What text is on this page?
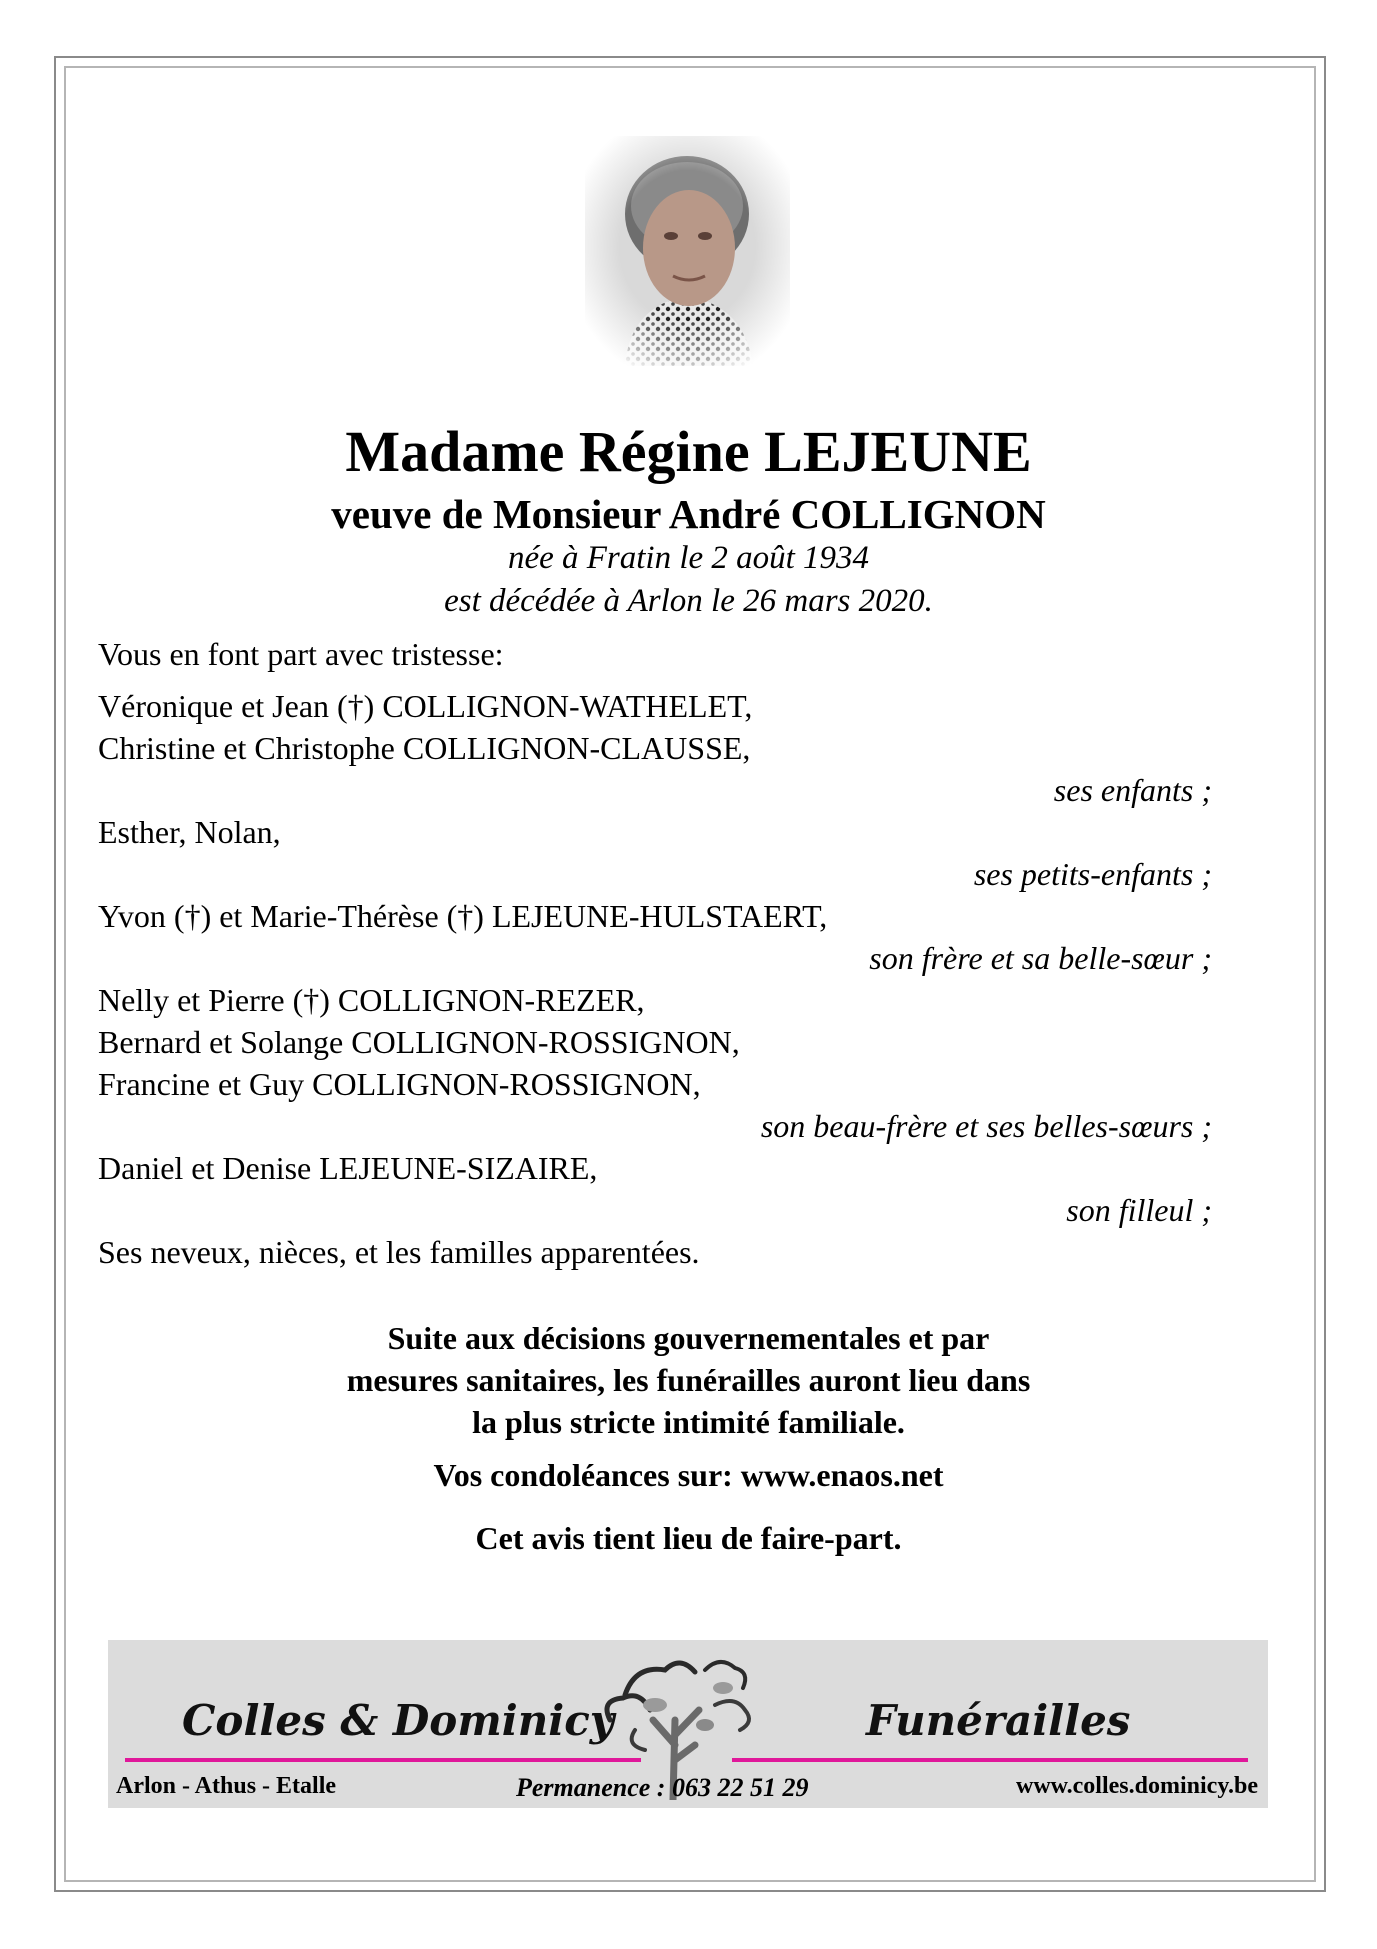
Madame Régine LEJEUNE
veuve de Monsieur André COLLIGNON
née à Fratin le 2 août 1934
est décédée à Arlon le 26 mars 2020.
Vous en font part avec tristesse:
Véronique et Jean (†) COLLIGNON-WATHELET,
Christine et Christophe COLLIGNON-CLAUSSE,
ses enfants ;
Esther, Nolan,
ses petits-enfants ;
Yvon (†) et Marie-Thérèse (†) LEJEUNE-HULSTAERT,
son frère et sa belle-sœur ;
Nelly et Pierre (†) COLLIGNON-REZER,
Bernard et Solange COLLIGNON-ROSSIGNON,
Francine et Guy COLLIGNON-ROSSIGNON,
son beau-frère et ses belles-sœurs ;
Daniel et Denise LEJEUNE-SIZAIRE,
son filleul ;
Ses neveux, nièces, et les familles apparentées.
Suite aux décisions gouvernementales et par
mesures sanitaires, les funérailles auront lieu dans
la plus stricte intimité familiale.
Vos condoléances sur: www.enaos.net
Cet avis tient lieu de faire-part.
Colles & Dominicy	Funérailles
Arlon - Athus - Etalle	Permanence : 063 22 51 29	www.colles.dominicy.be
